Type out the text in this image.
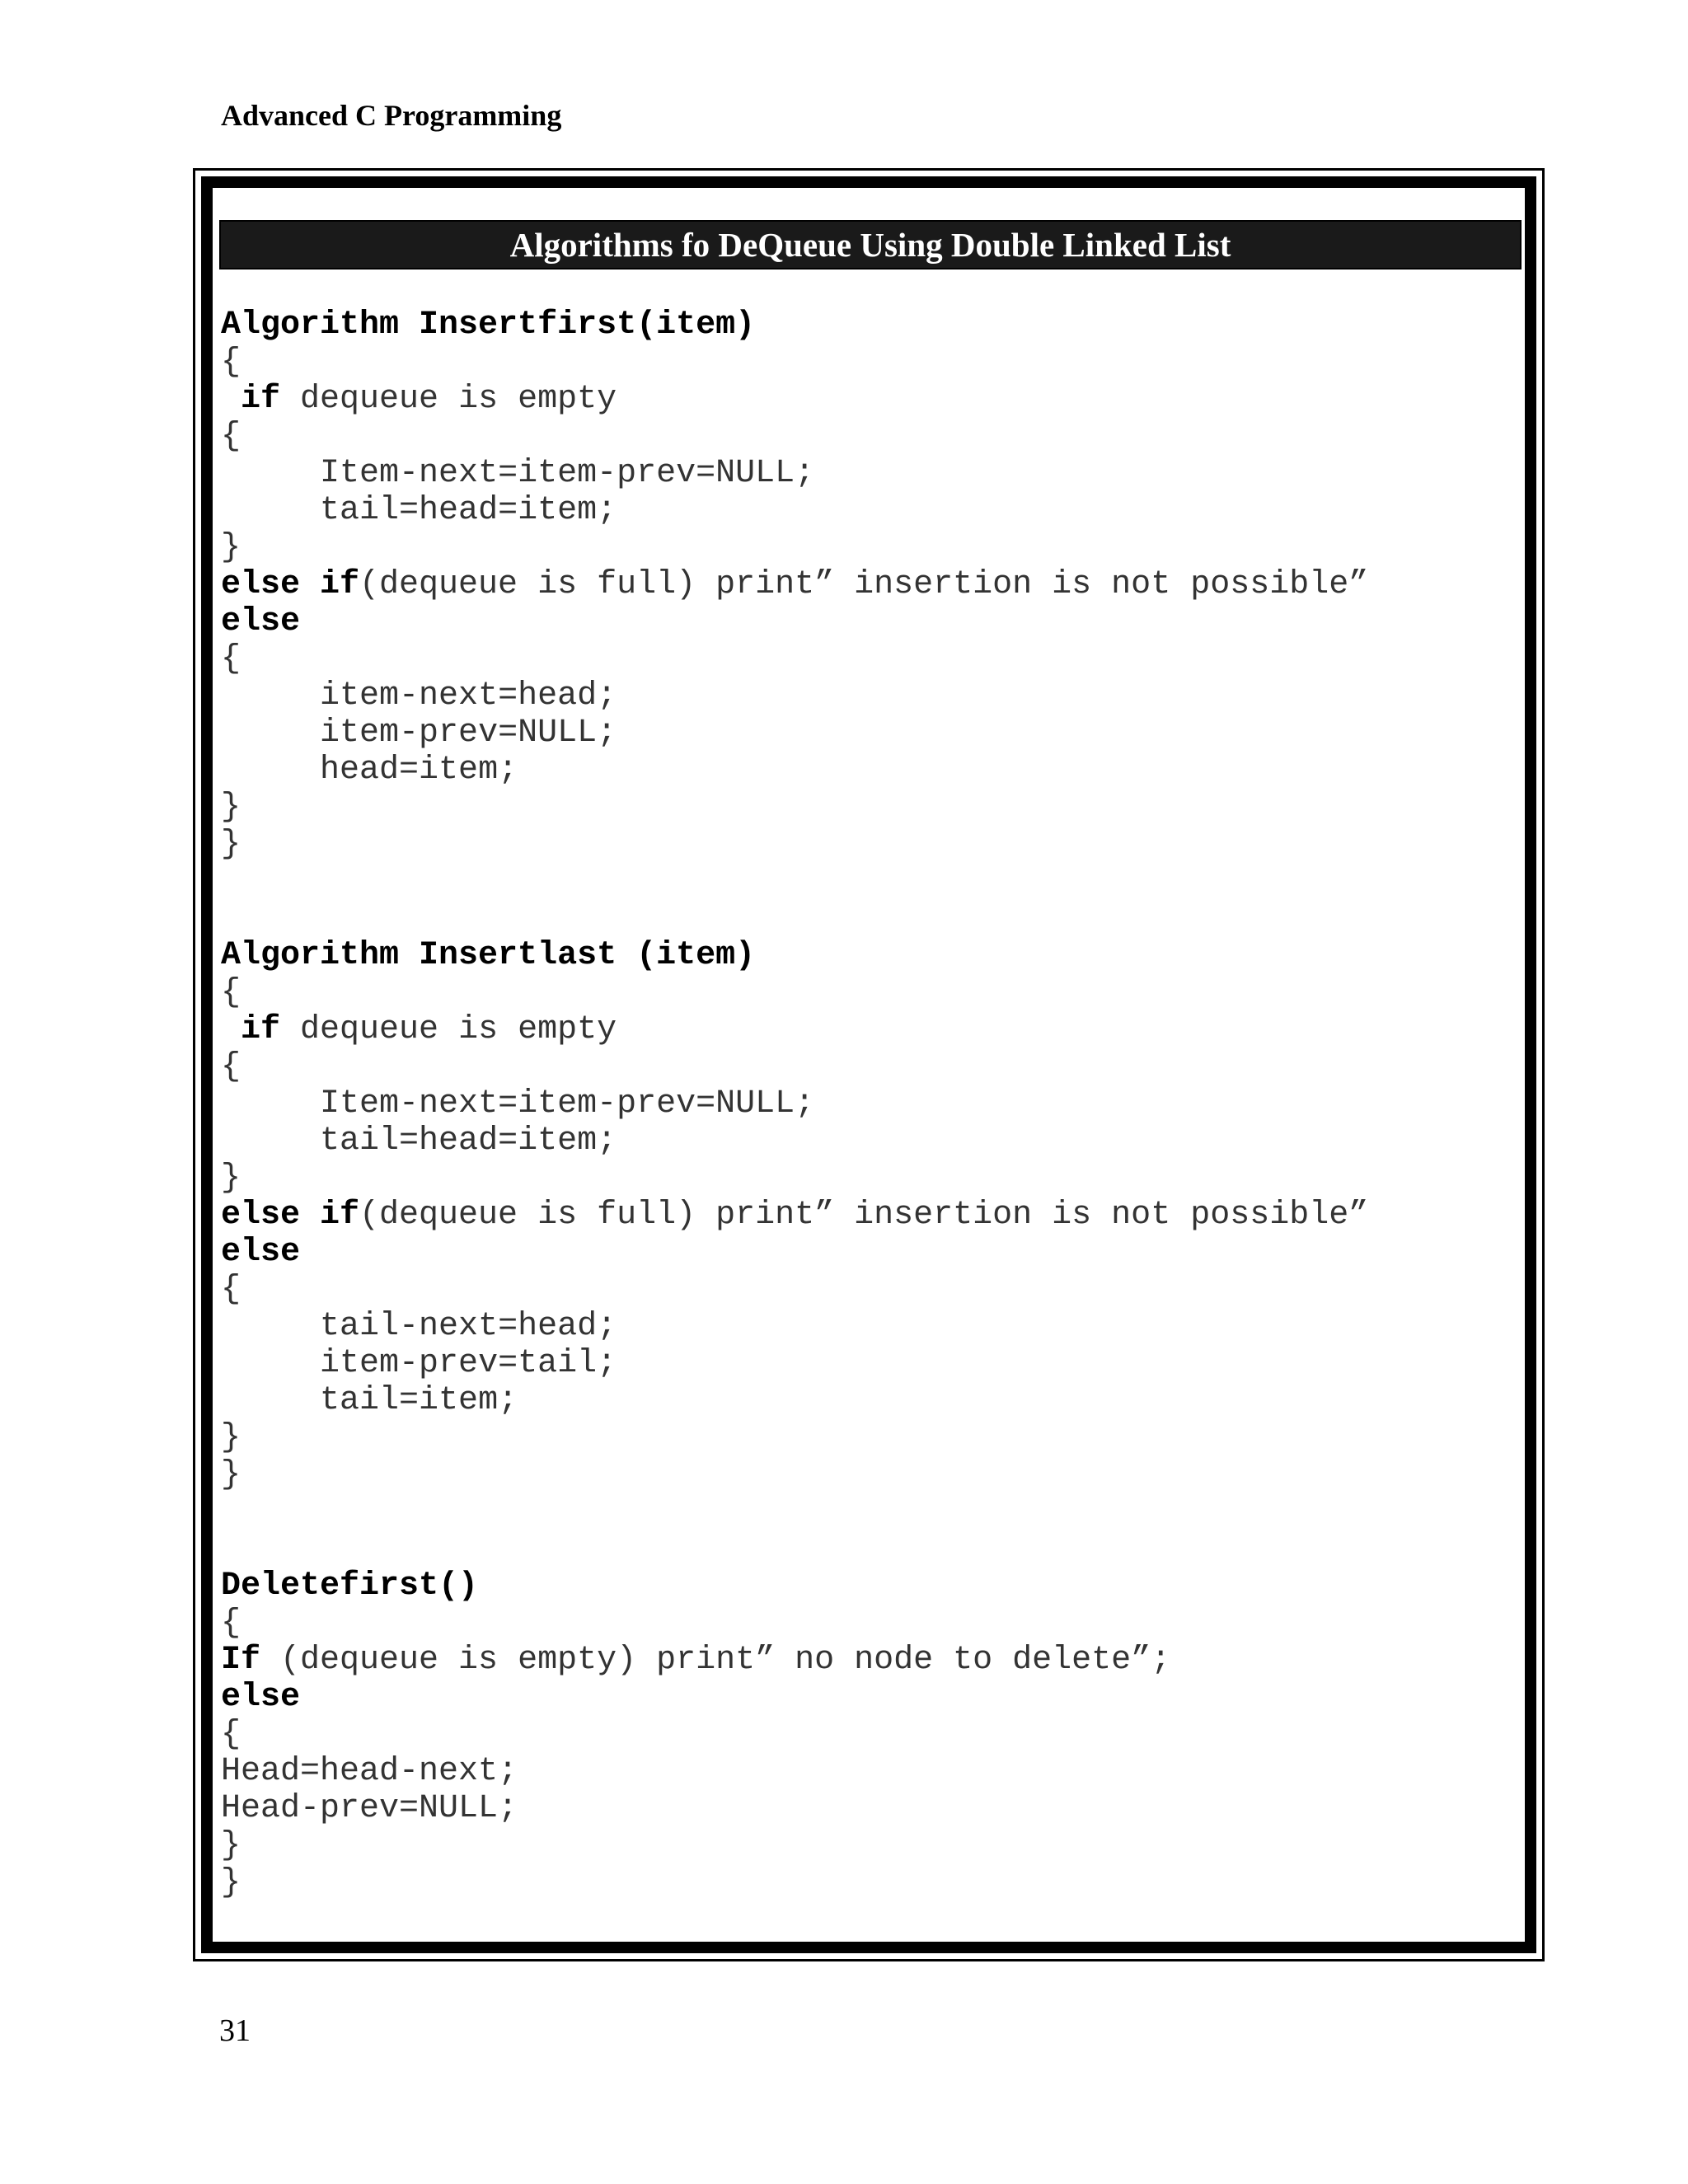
Advanced C Programming
Algorithms fo DeQueue Using Double Linked List
Algorithm Insertfirst(item)
{
if dequeue is empty
{
Item-next=item-prev=NULL;
tail=head=item;
}
else if(dequeue is full) print” insertion is not possible”
else
{
item-next=head;
item-prev=NULL;
head=item;
}
}
Algorithm Insertlast (item)
{
if dequeue is empty
{
Item-next=item-prev=NULL;
tail=head=item;
}
else if(dequeue is full) print” insertion is not possible”
else
{
tail-next=head;
item-prev=tail;
tail=item;
}
}
Deletefirst()
{
If (dequeue is empty) print” no node to delete”;
else
{
Head=head-next;
Head-prev=NULL;
}
}
31
